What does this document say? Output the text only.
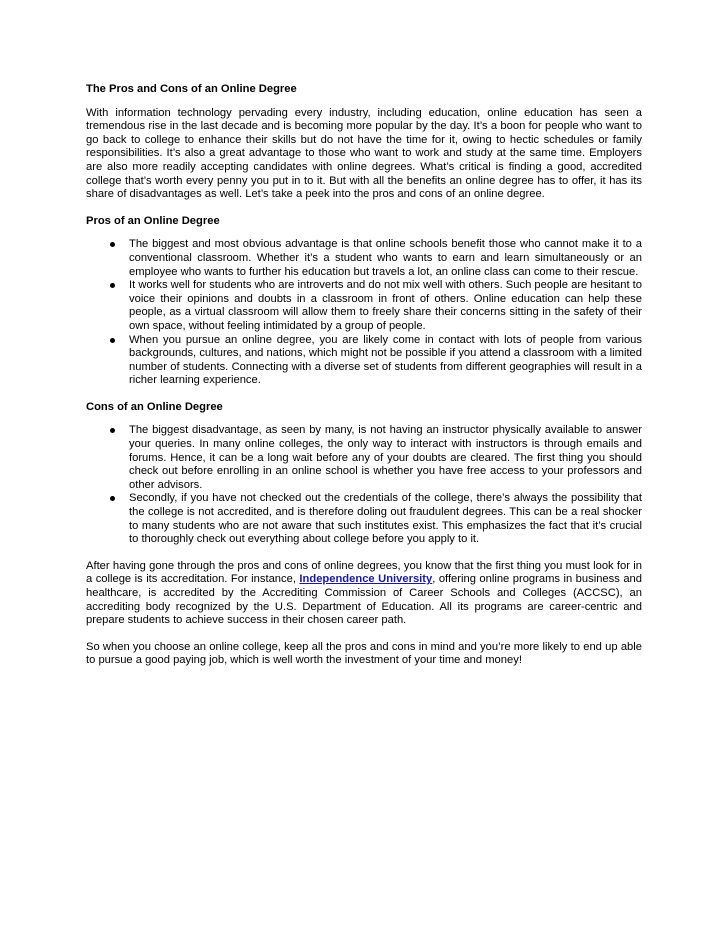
The Pros and Cons of an Online Degree

With information technology pervading every industry, including education, online education has seen a tremendous rise in the last decade and is becoming more popular by the day. It’s a boon for people who want to go back to college to enhance their skills but do not have the time for it, owing to hectic schedules or family responsibilities. It’s also a great advantage to those who want to work and study at the same time. Employers are also more readily accepting candidates with online degrees. What’s critical is finding a good, accredited college that’s worth every penny you put in to it. But with all the benefits an online degree has to offer, it has its share of disadvantages as well. Let’s take a peek into the pros and cons of an online degree.

Pros of an Online Degree

The biggest and most obvious advantage is that online schools benefit those who cannot make it to a conventional classroom. Whether it’s a student who wants to earn and learn simultaneously or an employee who wants to further his education but travels a lot, an online class can come to their rescue.
It works well for students who are introverts and do not mix well with others. Such people are hesitant to voice their opinions and doubts in a classroom in front of others. Online education can help these people, as a virtual classroom will allow them to freely share their concerns sitting in the safety of their own space, without feeling intimidated by a group of people.
When you pursue an online degree, you are likely come in contact with lots of people from various backgrounds, cultures, and nations, which might not be possible if you attend a classroom with a limited number of students. Connecting with a diverse set of students from different geographies will result in a richer learning experience.

Cons of an Online Degree

The biggest disadvantage, as seen by many, is not having an instructor physically available to answer your queries. In many online colleges, the only way to interact with instructors is through emails and forums. Hence, it can be a long wait before any of your doubts are cleared. The first thing you should check out before enrolling in an online school is whether you have free access to your professors and other advisors.
Secondly, if you have not checked out the credentials of the college, there’s always the possibility that the college is not accredited, and is therefore doling out fraudulent degrees. This can be a real shocker to many students who are not aware that such institutes exist. This emphasizes the fact that it’s crucial to thoroughly check out everything about college before you apply to it.

After having gone through the pros and cons of online degrees, you know that the first thing you must look for in a college is its accreditation. For instance, Independence University, offering online programs in business and healthcare, is accredited by the Accrediting Commission of Career Schools and Colleges (ACCSC), an accrediting body recognized by the U.S. Department of Education. All its programs are career-centric and prepare students to achieve success in their chosen career path.

So when you choose an online college, keep all the pros and cons in mind and you’re more likely to end up able to pursue a good paying job, which is well worth the investment of your time and money!
